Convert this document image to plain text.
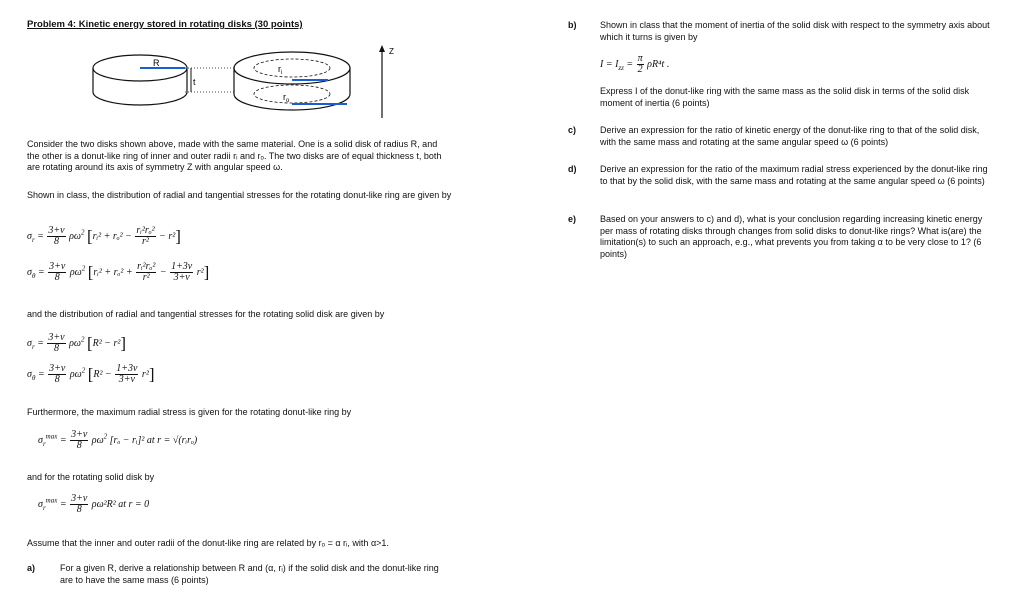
Problem 4: Kinetic energy stored in rotating disks (30 points)
R
t
$r_i$
$r_o$
Z
Consider the two disks shown above, made with the same material. One is a solid disk of radius R, and the other is a donut-like ring of inner and outer radii rᵢ and rₒ. The two disks are of equal thickness t, both are rotating around its axis of symmetry Z with angular speed ω.
Shown in class, the distribution of radial and tangential stresses for the rotating donut-like ring are given by
$\sigma_r = \frac{3+\nu}{8} \rho\omega^2$ [rᵢ² + $r_o^2 - \frac{\text{rᵢ²rₒ²}}{\text{r²}} - r^2$]
$\sigma_\theta = \frac{3+\nu}{8} \rho\omega^2$ [rᵢ² + $r_o^2 + \frac{\text{rᵢ²rₒ²}}{\text{r²}} - \frac{1+3\nu}{3+\nu} r^2$]
and the distribution of radial and tangential stresses for the rotating solid disk are given by
$\sigma_r = \frac{3+\nu}{8} \rho\omega^2$ [R² − r²]
$\sigma_\theta = \frac{3+\nu}{8} \rho\omega^2$ $[R^2 - \frac{1+3\nu}{3+\nu} r^2]$
Furthermore, the maximum radial stress is given for the rotating donut-like ring by
$\sigma_r^{max} = \frac{3+\nu}{8} \rho\omega^2$ [rₒ − rᵢ]² at r = √(rᵢrₒ)
and for the rotating solid disk by
$\sigma_r^{max} = \frac{3+\nu}{8} \rho\omega^2R^2$ at r = 0
Assume that the inner and outer radii of the donut-like ring are related by rₒ = α rᵢ, with α>1.
a)	For a given R, derive a relationship between R and (α, rᵢ) if the solid disk and the donut-like ring are to have the same mass (6 points)
b)	Shown in class that the moment of inertia of the solid disk with respect to the symmetry axis about which it turns is given by
$I = I_{zz} = \frac{\pi}{2} \rho R^4t$ .
Express I of the donut-like ring with the same mass as the solid disk in terms of the solid disk moment of inertia (6 points)
c)	Derive an expression for the ratio of kinetic energy of the donut-like ring to that of the solid disk, with the same mass and rotating at the same angular speed ω (6 points)
d)	Derive an expression for the ratio of the maximum radial stress experienced by the donut-like ring to that by the solid disk, with the same mass and rotating at the same angular speed ω (6 points)
e)	Based on your answers to c) and d), what is your conclusion regarding increasing kinetic energy per mass of rotating disks through changes from solid disks to donut-like rings? What is(are) the limitation(s) to such an approach, e.g., what prevents you from taking α to be very close to 1? (6 points)
